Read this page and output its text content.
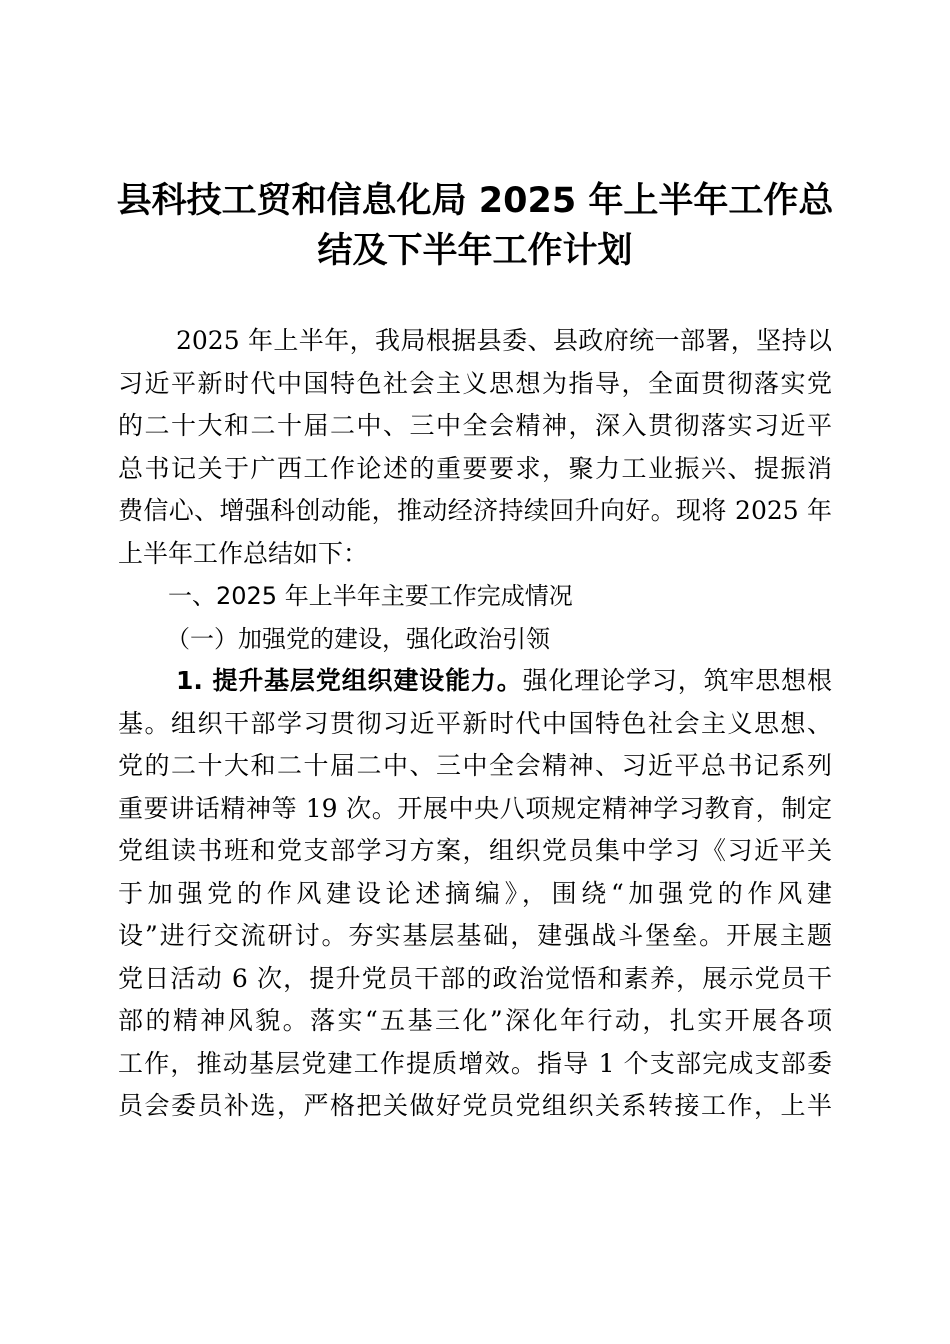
县科技工贸和信息化局 2025 年上半年工作总
结及下半年工作计划
2025 年上半年，我局根据县委、县政府统一部署，坚持以
习近平新时代中国特色社会主义思想为指导，全面贯彻落实党
的二十大和二十届二中、三中全会精神，深入贯彻落实习近平
总书记关于广西工作论述的重要要求，聚力工业振兴、提振消
费信心、增强科创动能，推动经济持续回升向好。现将 2025 年
上半年工作总结如下：
一、2025 年上半年主要工作完成情况
（一）加强党的建设，强化政治引领
1. 提升基层党组织建设能力。强化理论学习，筑牢思想根
基。组织干部学习贯彻习近平新时代中国特色社会主义思想、
党的二十大和二十届二中、三中全会精神、习近平总书记系列
重要讲话精神等 19 次。开展中央八项规定精神学习教育，制定
党组读书班和党支部学习方案，组织党员集中学习《习近平关
于加强党的作风建设论述摘编》，围绕“加强党的作风建
设”进行交流研讨。夯实基层基础，建强战斗堡垒。开展主题
党日活动 6 次，提升党员干部的政治觉悟和素养，展示党员干
部的精神风貌。落实“五基三化”深化年行动，扎实开展各项
工作，推动基层党建工作提质增效。指导 1 个支部完成支部委
员会委员补选，严格把关做好党员党组织关系转接工作，上半
